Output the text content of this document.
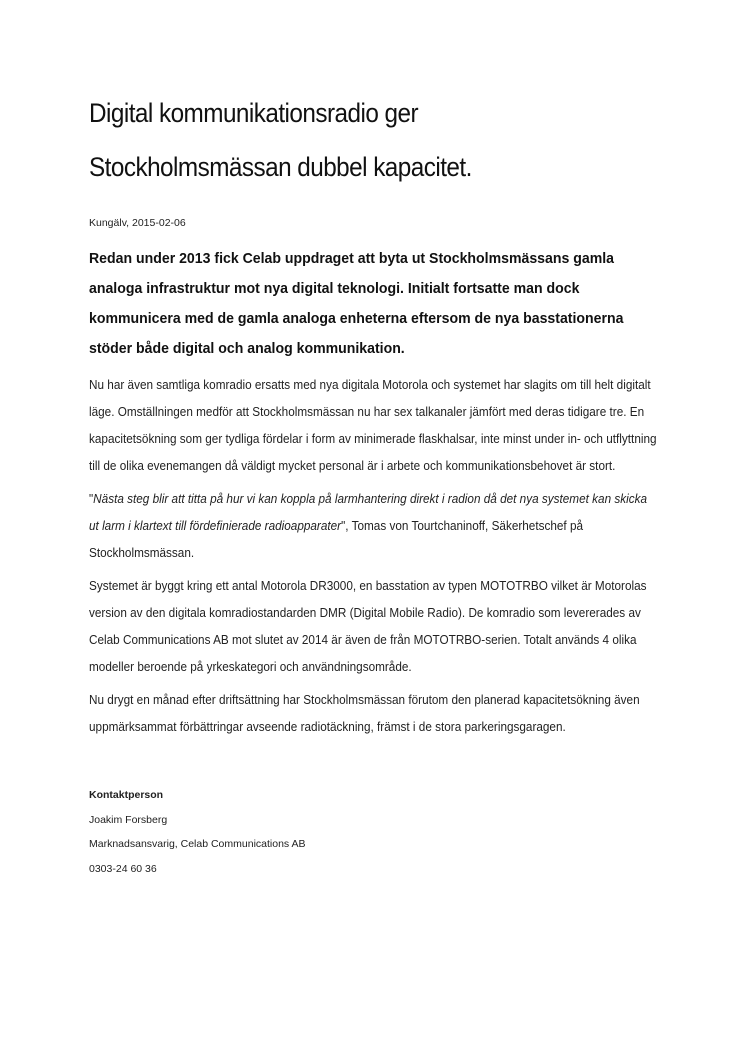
Digital kommunikationsradio ger
Stockholmsmässan dubbel kapacitet.
Kungälv, 2015-02-06
Redan under 2013 fick Celab uppdraget att byta ut Stockholmsmässans gamla analoga infrastruktur mot nya digital teknologi. Initialt fortsatte man dock kommunicera med de gamla analoga enheterna eftersom de nya basstationerna stöder både digital och analog kommunikation.
Nu har även samtliga komradio ersatts med nya digitala Motorola och systemet har slagits om till helt digitalt läge. Omställningen medför att Stockholmsmässan nu har sex talkanaler jämfört med deras tidigare tre. En kapacitetsökning som ger tydliga fördelar i form av minimerade flaskhalsar, inte minst under in- och utflyttning till de olika evenemangen då väldigt mycket personal är i arbete och kommunikationsbehovet är stort.
"Nästa steg blir att titta på hur vi kan koppla på larmhantering direkt i radion då det nya systemet kan skicka ut larm i klartext till fördefinierade radioapparater", Tomas von Tourtchaninoff, Säkerhetschef på Stockholmsmässan.
Systemet är byggt kring ett antal Motorola DR3000, en basstation av typen MOTOTRBO vilket är Motorolas version av den digitala komradiostandarden DMR (Digital Mobile Radio). De komradio som levererades av Celab Communications AB mot slutet av 2014 är även de från MOTOTRBO-serien. Totalt används 4 olika modeller beroende på yrkeskategori och användningsområde.
Nu drygt en månad efter driftsättning har Stockholmsmässan förutom den planerad kapacitetsökning även uppmärksammat förbättringar avseende radiotäckning, främst i de stora parkeringsgaragen.
Kontaktperson
Joakim Forsberg
Marknadsansvarig, Celab Communications AB
0303-24 60 36
